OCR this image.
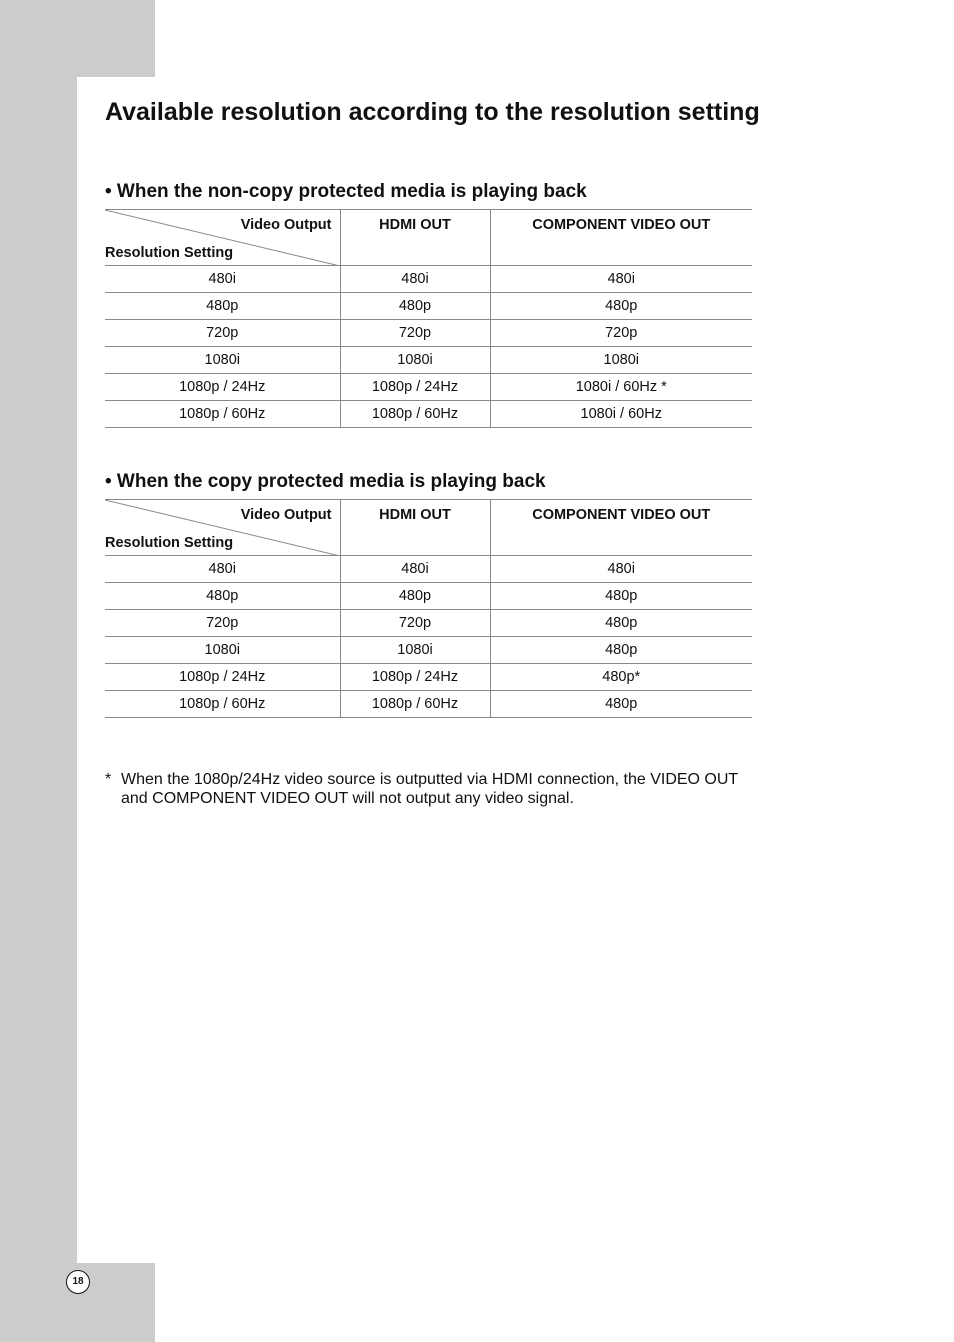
Available resolution according to the resolution setting
• When the non-copy protected media is playing back
Video Output
Resolution Setting	HDMI OUT	COMPONENT VIDEO OUT
480i	480i	480i
480p	480p	480p
720p	720p	720p
1080i	1080i	1080i
1080p / 24Hz	1080p / 24Hz	1080i / 60Hz *
1080p / 60Hz	1080p / 60Hz	1080i / 60Hz
• When the copy protected media is playing back
Video Output
Resolution Setting	HDMI OUT	COMPONENT VIDEO OUT
480i	480i	480i
480p	480p	480p
720p	720p	480p
1080i	1080i	480p
1080p / 24Hz	1080p / 24Hz	480p*
1080p / 60Hz	1080p / 60Hz	480p

* When the 1080p/24Hz video source is outputted via HDMI connection, the VIDEO OUT and COMPONENT VIDEO OUT will not output any video signal.

18
